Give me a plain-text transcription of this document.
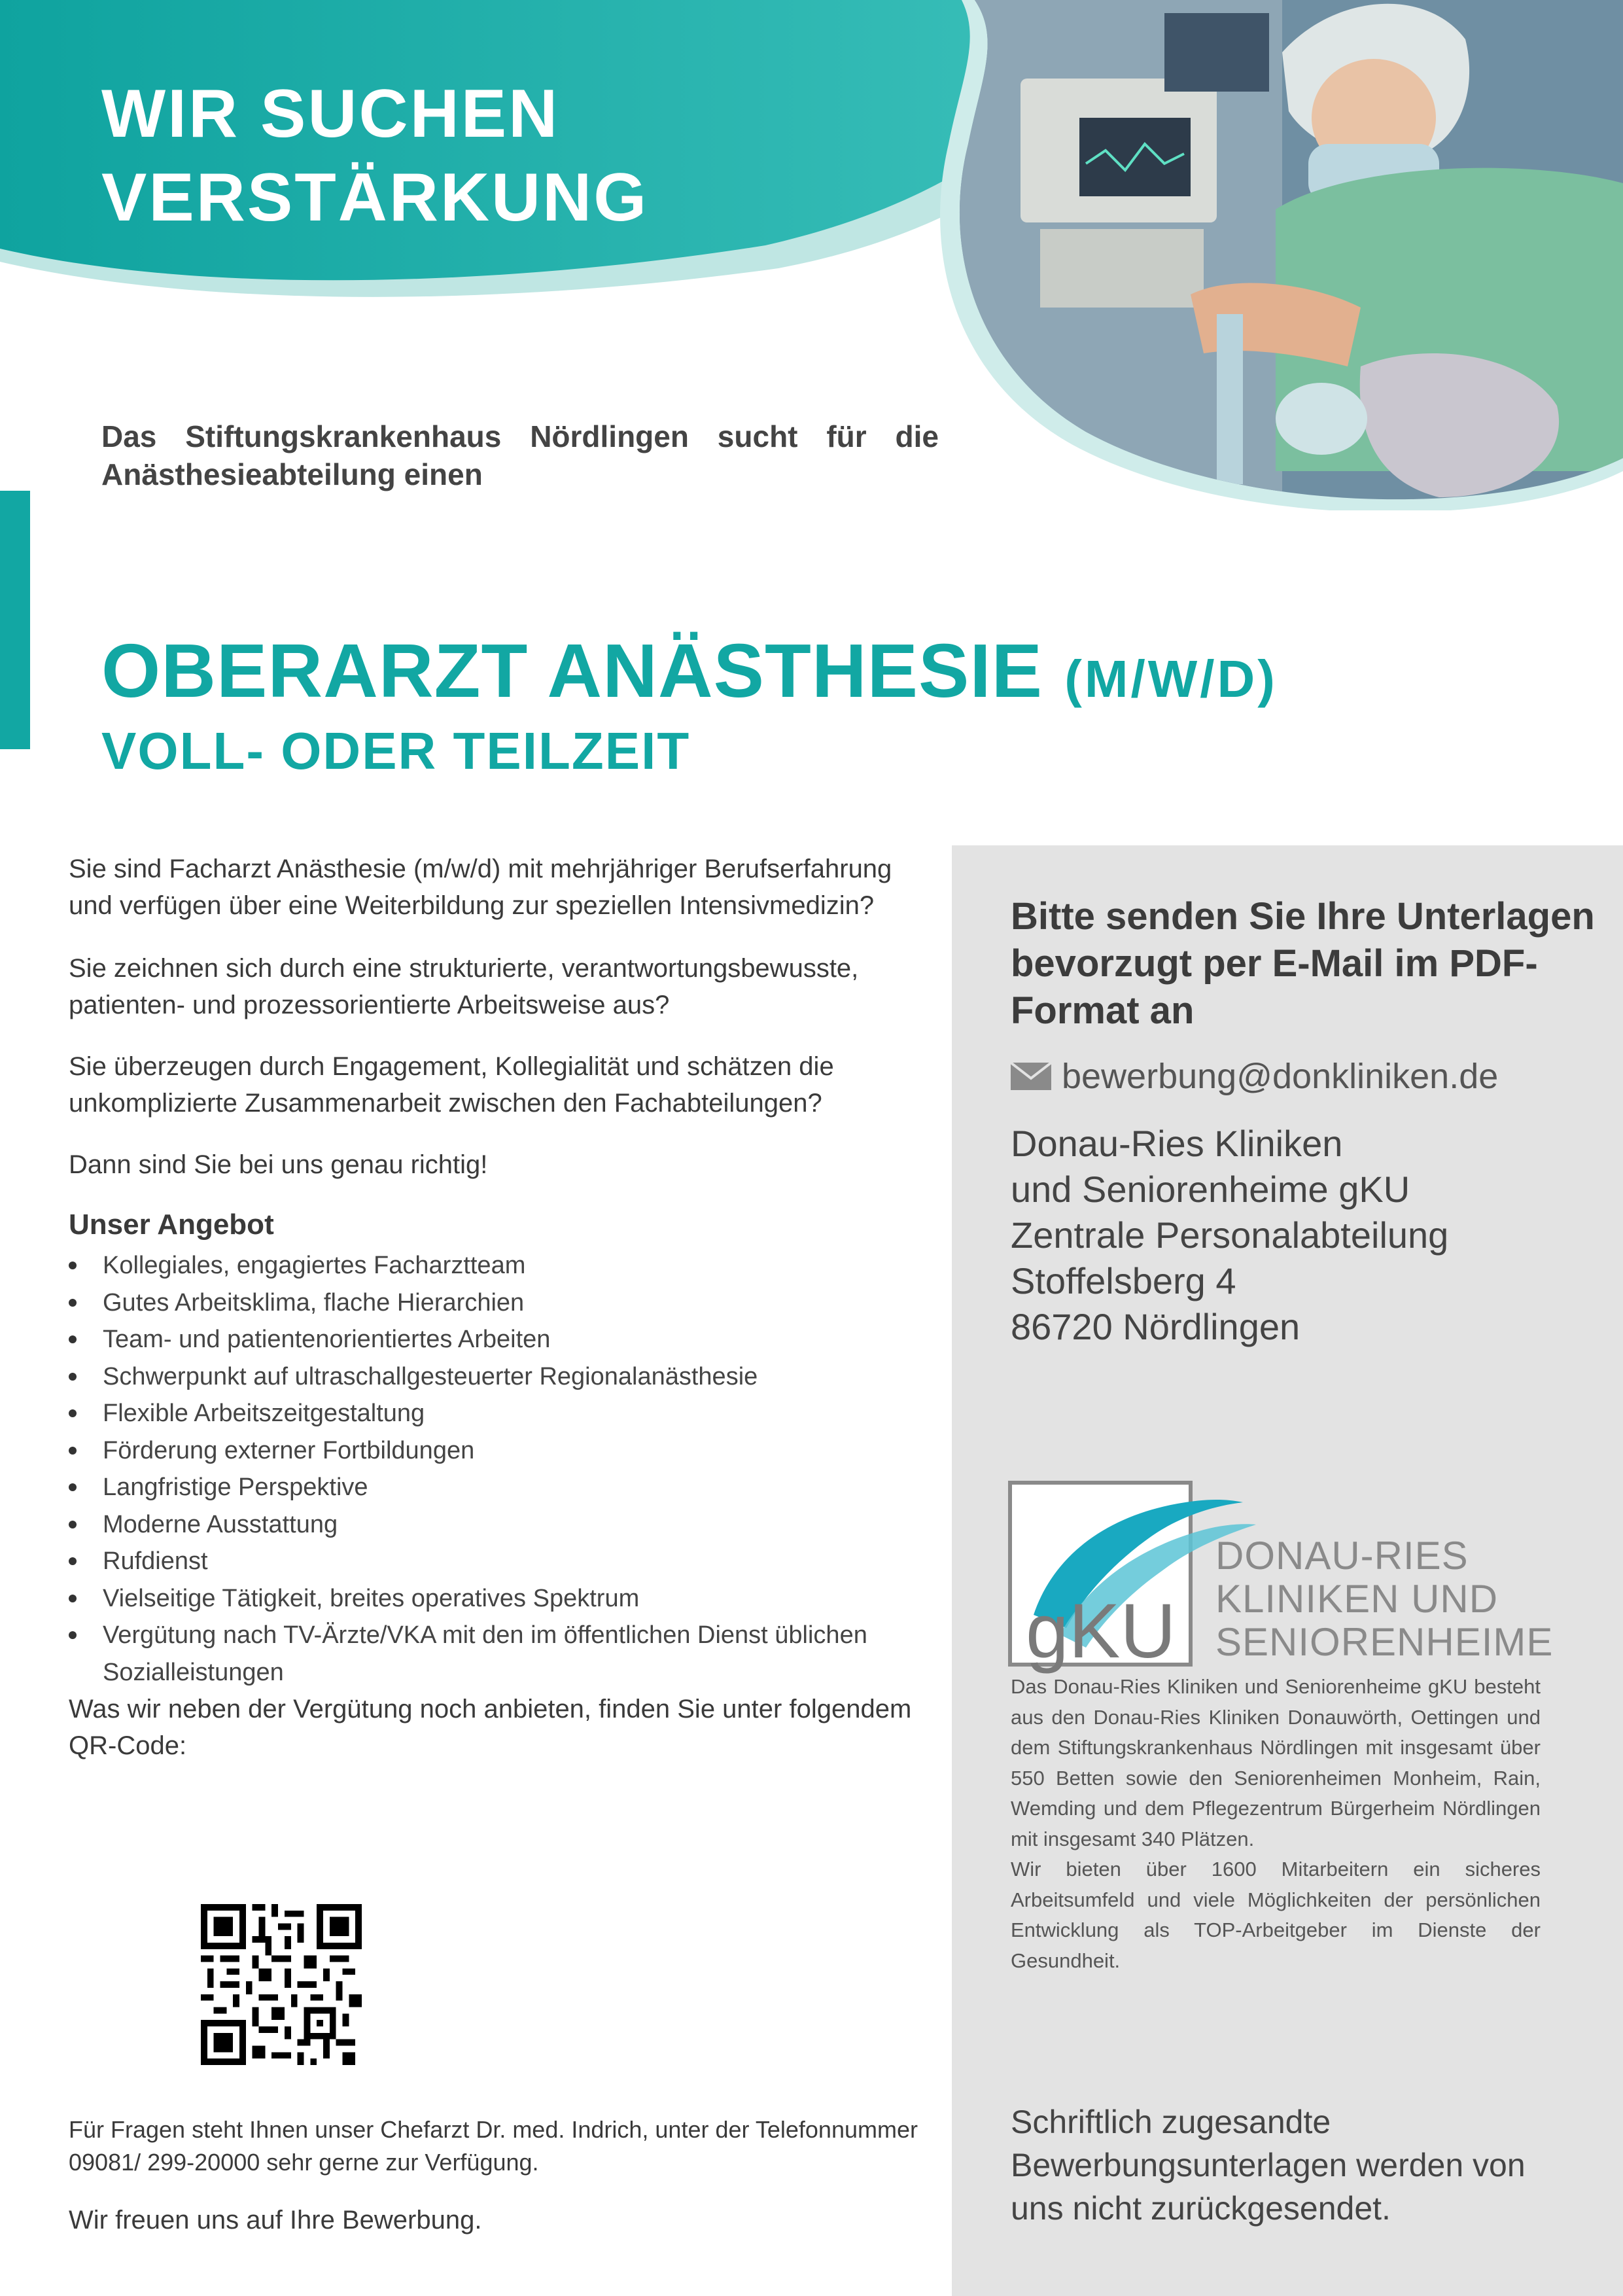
WIR SUCHEN
VERSTÄRKUNG
Das Stiftungskrankenhaus Nördlingen sucht für die Anästhesieabteilung einen
OBERARZT ANÄSTHESIE (M/W/D)
VOLL- ODER TEILZEIT

Sie sind Facharzt Anästhesie (m/w/d) mit mehrjähriger Berufserfahrung und verfügen über eine Weiterbildung zur speziellen Intensivmedizin?

Sie zeichnen sich durch eine strukturierte, verantwortungsbewusste, patienten- und prozessorientierte Arbeitsweise aus?

Sie überzeugen durch Engagement, Kollegialität und schätzen die unkomplizierte Zusammenarbeit zwischen den Fachabteilungen?

Dann sind Sie bei uns genau richtig!

Unser Angebot
Kollegiales, engagiertes Facharztteam
Gutes Arbeitsklima, flache Hierarchien
Team- und patientenorientiertes Arbeiten
Schwerpunkt auf ultraschallgesteuerter Regionalanästhesie
Flexible Arbeitszeitgestaltung
Förderung externer Fortbildungen
Langfristige Perspektive
Moderne Ausstattung
Rufdienst
Vielseitige Tätigkeit, breites operatives Spektrum
Vergütung nach TV-Ärzte/VKA mit den im öffentlichen Dienst üblichen Sozialleistungen

Was wir neben der Vergütung noch anbieten, finden Sie unter folgendem QR-Code:

Für Fragen steht Ihnen unser Chefarzt Dr. med. Indrich, unter der Telefonnummer 09081/ 299-20000 sehr gerne zur Verfügung.
Wir freuen uns auf Ihre Bewerbung.
Bitte senden Sie Ihre Unterlagen bevorzugt per E-Mail im PDF-Format an
bewerbung@donkliniken.de
Donau-Ries Kliniken
und Seniorenheime gKU
Zentrale Personalabteilung
Stoffelsberg 4
86720 Nördlingen
gKU
DONAU-RIES
KLINIKEN UND
SENIORENHEIME

Das Donau-Ries Kliniken und Seniorenheime gKU besteht aus den Donau-Ries Kliniken Donauwörth, Oettingen und dem Stiftungskrankenhaus Nördlingen mit insgesamt über 550 Betten sowie den Seniorenheimen Monheim, Rain, Wemding und dem Pflegezentrum Bürgerheim Nördlingen mit insgesamt 340 Plätzen.

Wir bieten über 1600 Mitarbeitern ein sicheres Arbeitsumfeld und viele Möglichkeiten der persönlichen Entwicklung als TOP-Arbeitgeber im Dienste der Gesundheit.

Schriftlich zugesandte Bewerbungsunterlagen werden von uns nicht zurückgesendet.
